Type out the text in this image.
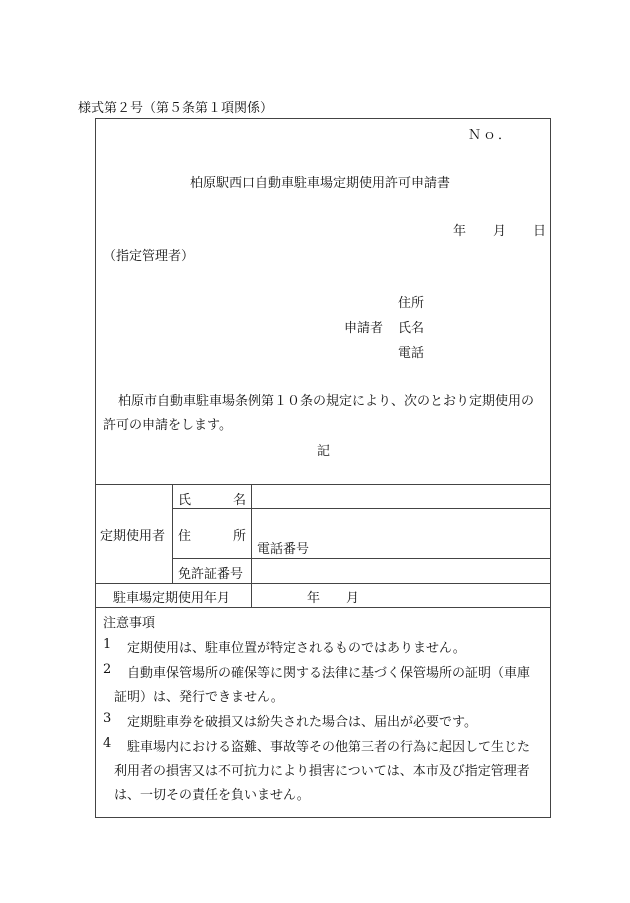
様式第２号（第５条第１項関係）
Ｎｏ．
柏原駅西口自動車駐車場定期使用許可申請書
年 月 日
（指定管理者）
住所
申請者 氏名
電話
柏原市自動車駐車場条例第１０条の規定により、次のとおり定期使用の
許可の申請をします。
記
定期使用者
氏	名
住	所
電話番号
免許証番号
駐車場定期使用年月	年 月
注意事項
1 定期使用は、駐車位置が特定されるものではありません。
2 自動車保管場所の確保等に関する法律に基づく保管場所の証明（車庫
証明）は、発行できません。
3 定期駐車券を破損又は紛失された場合は、届出が必要です。
4 駐車場内における盗難、事故等その他第三者の行為に起因して生じた
利用者の損害又は不可抗力により損害については、本市及び指定管理者
は、一切その責任を負いません。
